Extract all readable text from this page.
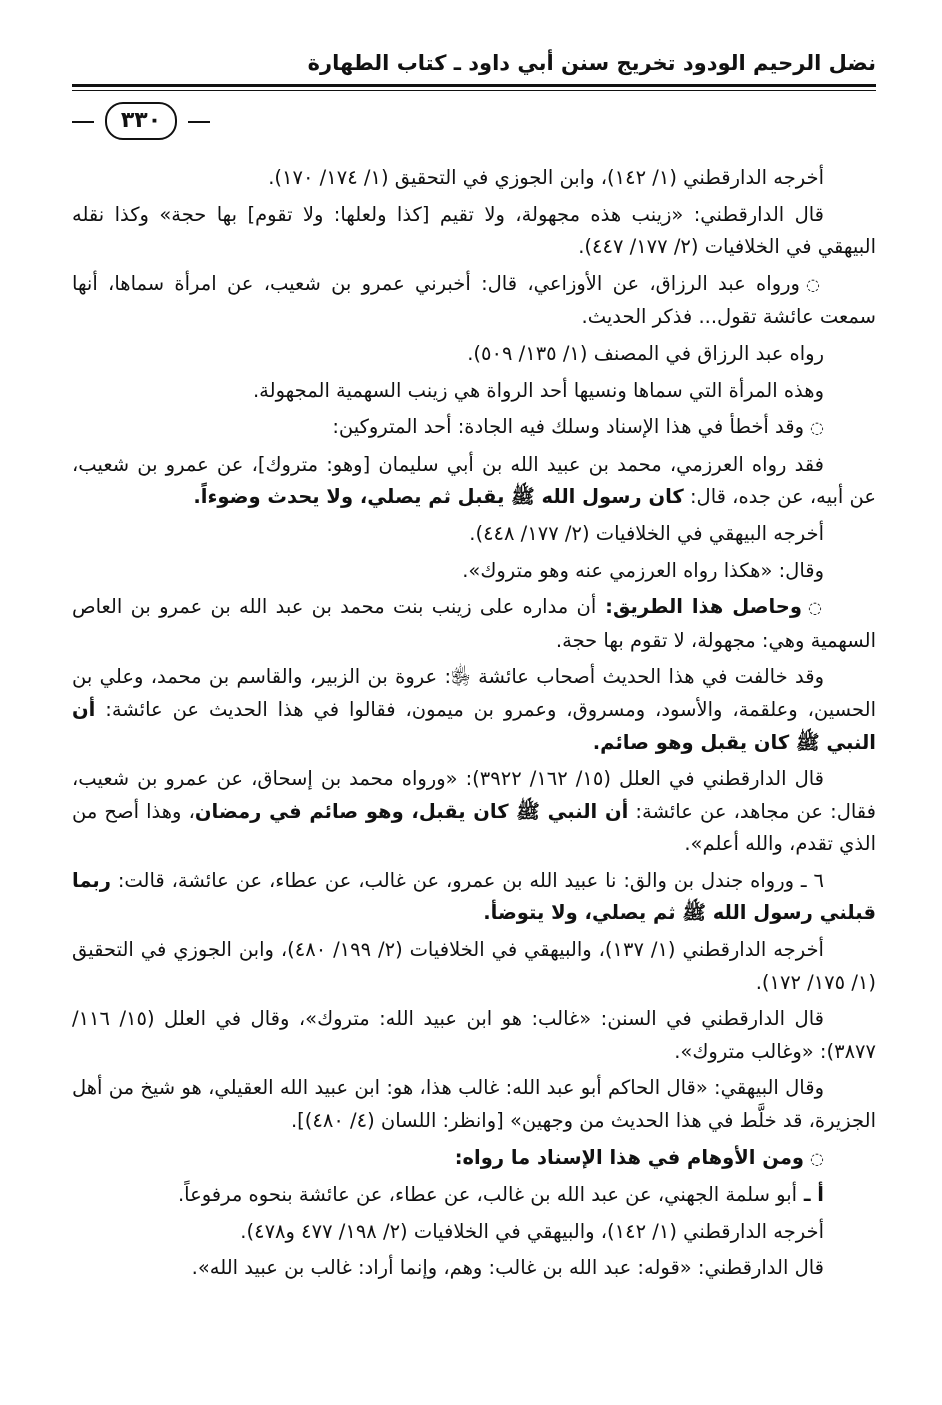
نضل الرحيم الودود تخريج سنن أبي داود ـ كتاب الطهارة
٣٣٠

أخرجه الدارقطني (١/ ١٤٢)، وابن الجوزي في التحقيق (١/ ١٧٤/ ١٧٠).

قال الدارقطني: «زينب هذه مجهولة، ولا تقيم [كذا ولعلها: ولا تقوم] بها حجة» وكذا نقله البيهقي في الخلافيات (٢/ ١٧٧/ ٤٤٧).

◌ورواه عبد الرزاق، عن الأوزاعي، قال: أخبرني عمرو بن شعيب، عن امرأة سماها، أنها سمعت عائشة تقول... فذكر الحديث.

رواه عبد الرزاق في المصنف (١/ ١٣٥/ ٥٠٩).

وهذه المرأة التي سماها ونسيها أحد الرواة هي زينب السهمية المجهولة.

◌وقد أخطأ في هذا الإسناد وسلك فيه الجادة: أحد المتروكين:

فقد رواه العرزمي، محمد بن عبيد الله بن أبي سليمان [وهو: متروك]، عن عمرو بن شعيب، عن أبيه، عن جده، قال: كان رسول الله ﷺ يقبل ثم يصلي، ولا يحدث وضوءاً.

أخرجه البيهقي في الخلافيات (٢/ ١٧٧/ ٤٤٨).

وقال: «هكذا رواه العرزمي عنه وهو متروك».

◌وحاصل هذا الطريق: أن مداره على زينب بنت محمد بن عبد الله بن عمرو بن العاص السهمية وهي: مجهولة، لا تقوم بها حجة.

وقد خالفت في هذا الحديث أصحاب عائشة ﵂: عروة بن الزبير، والقاسم بن محمد، وعلي بن الحسين، وعلقمة، والأسود، ومسروق، وعمرو بن ميمون، فقالوا في هذا الحديث عن عائشة: أن النبي ﷺ كان يقبل وهو صائم.

قال الدارقطني في العلل (١٥/ ١٦٢/ ٣٩٢٢): «ورواه محمد بن إسحاق، عن عمرو بن شعيب، فقال: عن مجاهد، عن عائشة: أن النبي ﷺ كان يقبل، وهو صائم في رمضان، وهذا أصح من الذي تقدم، والله أعلم».

٦ ـ ورواه جندل بن والق: نا عبيد الله بن عمرو، عن غالب، عن عطاء، عن عائشة، قالت: ربما قبلني رسول الله ﷺ ثم يصلي، ولا يتوضأ.

أخرجه الدارقطني (١/ ١٣٧)، والبيهقي في الخلافيات (٢/ ١٩٩/ ٤٨٠)، وابن الجوزي في التحقيق (١/ ١٧٥/ ١٧٢).

قال الدارقطني في السنن: «غالب: هو ابن عبيد الله: متروك»، وقال في العلل (١٥/ ١١٦/ ٣٨٧٧): «وغالب متروك».

وقال البيهقي: «قال الحاكم أبو عبد الله: غالب هذا، هو: ابن عبيد الله العقيلي، هو شيخ من أهل الجزيرة، قد خلَّط في هذا الحديث من وجهين» [وانظر: اللسان (٤/ ٤٨٠)].

◌ومن الأوهام في هذا الإسناد ما رواه:

أ ـ أبو سلمة الجهني، عن عبد الله بن غالب، عن عطاء، عن عائشة بنحوه مرفوعاً.

أخرجه الدارقطني (١/ ١٤٢)، والبيهقي في الخلافيات (٢/ ١٩٨/ ٤٧٧ و٤٧٨).

قال الدارقطني: «قوله: عبد الله بن غالب: وهم، وإنما أراد: غالب بن عبيد الله».
